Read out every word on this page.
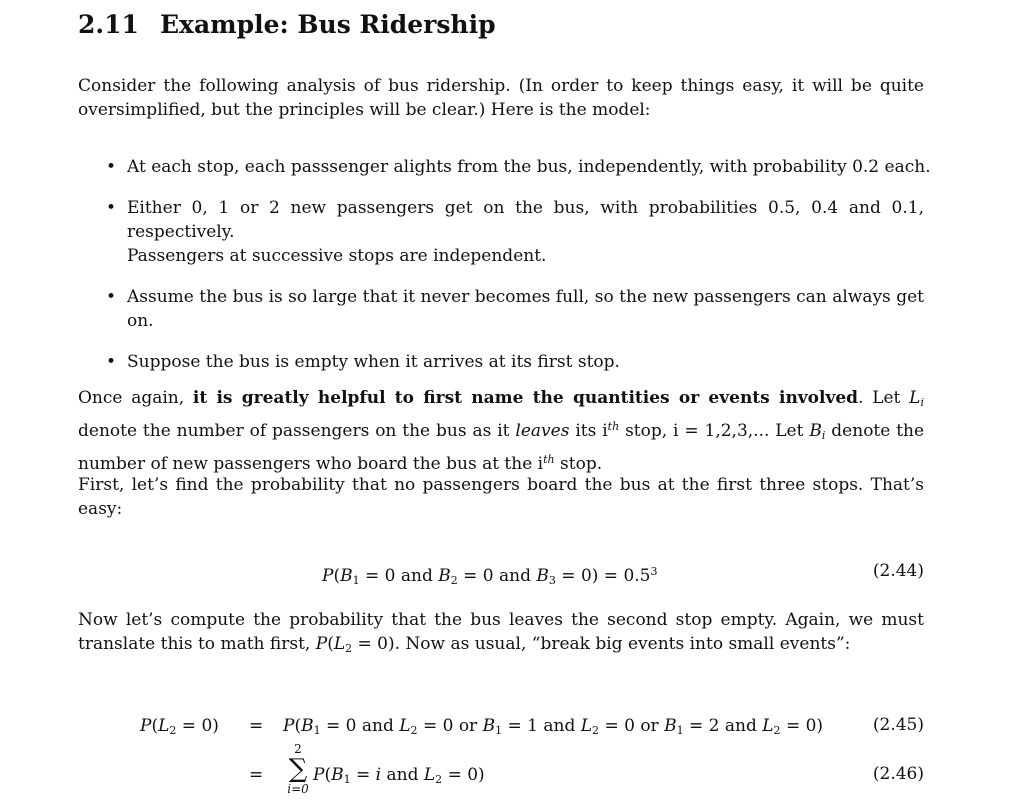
2.11 Example: Bus Ridership
Consider the following analysis of bus ridership. (In order to keep things easy, it will be quite
oversimplified, but the principles will be clear.) Here is the model:
• At each stop, each passsenger alights from the bus, independently, with probability 0.2 each.
• Either 0, 1 or 2 new passengers get on the bus, with probabilities 0.5, 0.4 and 0.1, respectively.
Passengers at successive stops are independent.
• Assume the bus is so large that it never becomes full, so the new passengers can always get
on.
• Suppose the bus is empty when it arrives at its first stop.
Once again, it is greatly helpful to first name the quantities or events involved. Let $L_i$
denote the number of passengers on the bus as it leaves its $i^{th}$ stop, i = 1,2,3,... Let $B_i$ denote the
number of new passengers who board the bus at the $i^{th}$ stop.
First, let’s find the probability that no passengers board the bus at the first three stops. That’s
easy:
$P(B_1 = 0$ and $B_2 = 0$ and $B_3 = 0) = 0.5^3$	(2.44)
Now let’s compute the probability that the bus leaves the second stop empty. Again, we must
translate this to math first, $P(L_2 = 0)$. Now as usual, “break big events into small events”:
$P(L_2 = 0) = P(B_1 = 0$ and $L_2 = 0$ or $B_1 = 1$ and $L_2 = 0$ or $B_1 = 2$ and $L_2 = 0$)	(2.45)
=
2
∑
i=0
$P(B_1 = i$ and $L_2 = 0$)	(2.46)
